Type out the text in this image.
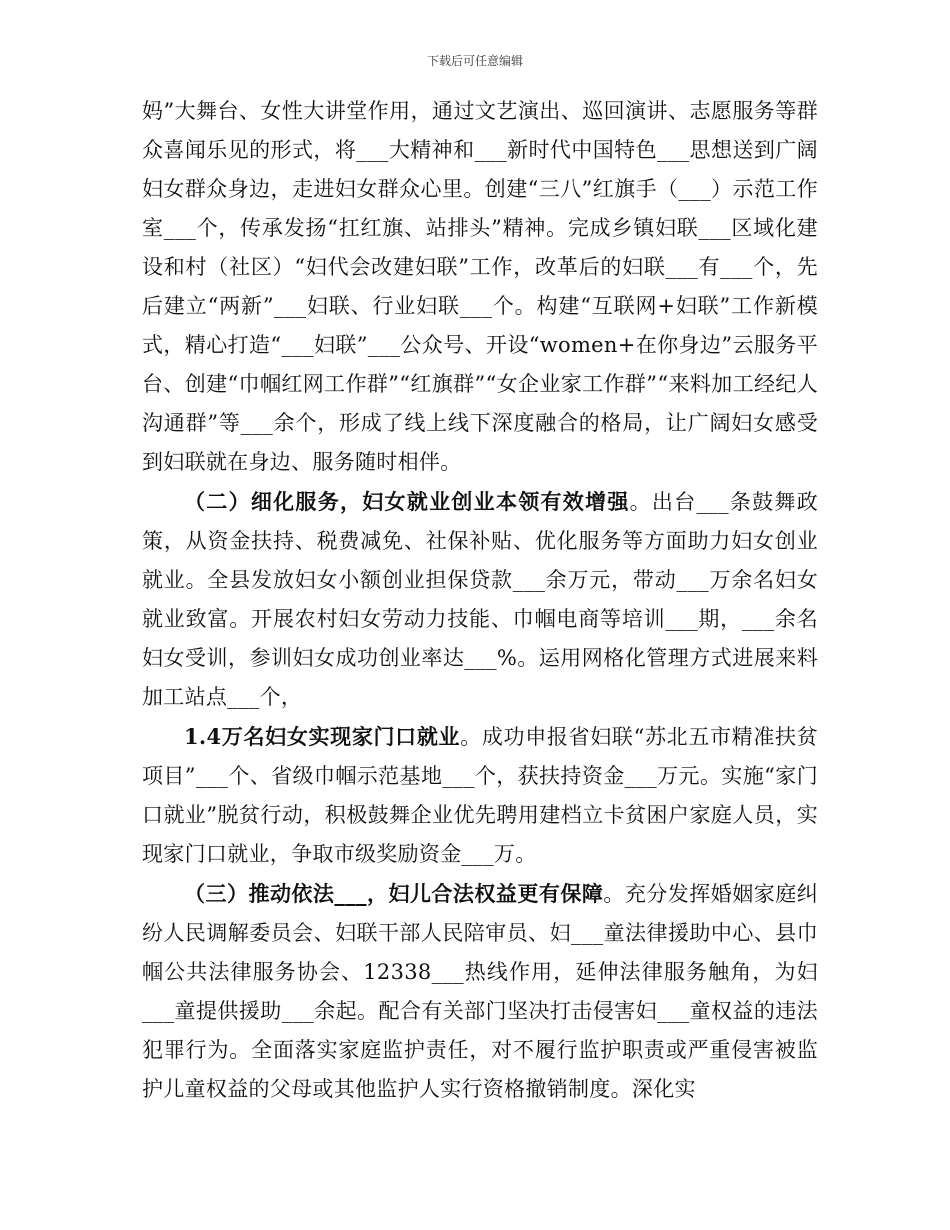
下载后可任意编辑

妈”大舞台、女性大讲堂作用，通过文艺演出、巡回演讲、志愿服务等群众喜闻乐见的形式，将___大精神和___新时代中国特色___思想送到广阔妇女群众身边，走进妇女群众心里。创建“三八”红旗手（___）示范工作室___个，传承发扬“扛红旗、站排头”精神。完成乡镇妇联___区域化建设和村（社区）“妇代会改建妇联”工作，改革后的妇联___有___个，先后建立“两新”___妇联、行业妇联___个。构建“互联网+妇联”工作新模式，精心打造“___妇联”___公众号、开设“women+在你身边”云服务平台、创建“巾帼红网工作群”“红旗群”“女企业家工作群”“来料加工经纪人沟通群”等___余个，形成了线上线下深度融合的格局，让广阔妇女感受到妇联就在身边、服务随时相伴。

（二）细化服务，妇女就业创业本领有效增强。出台___条鼓舞政策，从资金扶持、税费减免、社保补贴、优化服务等方面助力妇女创业就业。全县发放妇女小额创业担保贷款___余万元，带动___万余名妇女就业致富。开展农村妇女劳动力技能、巾帼电商等培训___期，___余名妇女受训，参训妇女成功创业率达___%。运用网格化管理方式进展来料加工站点___个，

1.4万名妇女实现家门口就业。成功申报省妇联“苏北五市精准扶贫项目”___个、省级巾帼示范基地___个，获扶持资金___万元。实施“家门口就业”脱贫行动，积极鼓舞企业优先聘用建档立卡贫困户家庭人员，实现家门口就业，争取市级奖励资金___万。

（三）推动依法___，妇儿合法权益更有保障。充分发挥婚姻家庭纠纷人民调解委员会、妇联干部人民陪审员、妇___童法律援助中心、县巾帼公共法律服务协会、12338___热线作用，延伸法律服务触角，为妇___童提供援助___余起。配合有关部门坚决打击侵害妇___童权益的违法犯罪行为。全面落实家庭监护责任，对不履行监护职责或严重侵害被监护儿童权益的父母或其他监护人实行资格撤销制度。深化实
